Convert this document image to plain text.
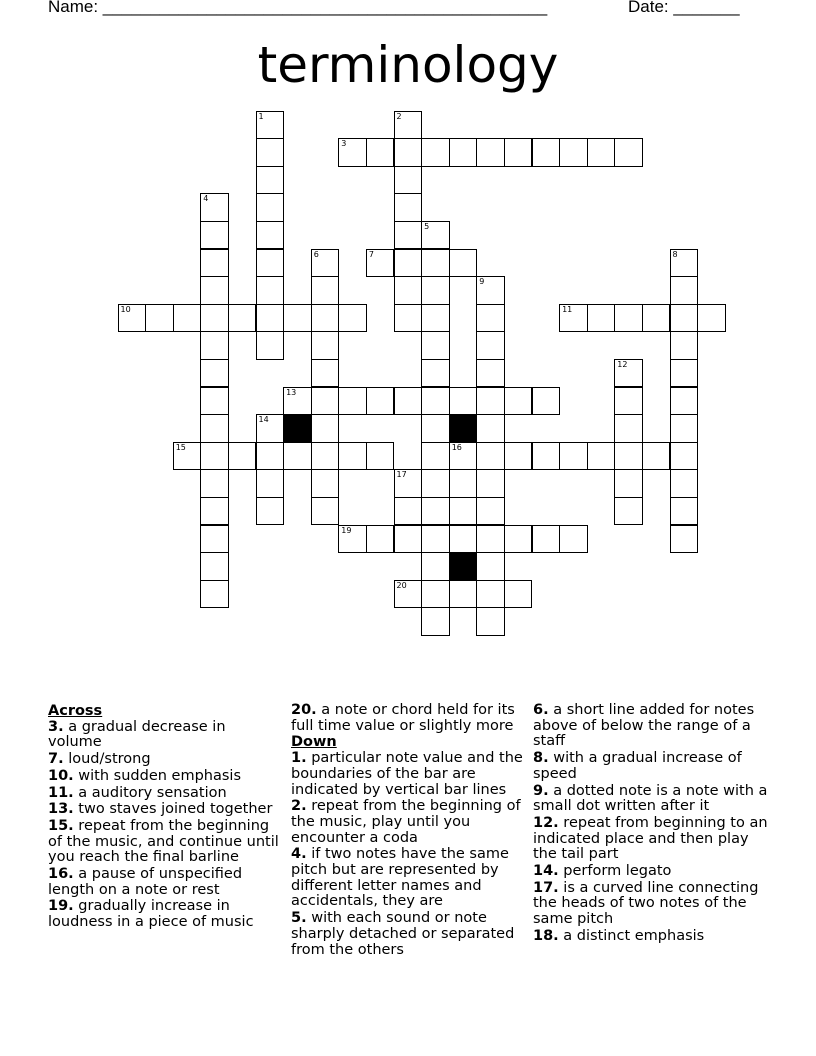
Name: _______________________________________________	Date: _______
terminology
1	2
3
4
5
6	7	8
9
10	11
12
13
14
15	16
17
19
20
Across
3. a gradual decrease in volume
7. loud/strong
10. with sudden emphasis
11. a auditory sensation
13. two staves joined together
15. repeat from the beginning of the music, and continue until you reach the final barline
16. a pause of unspecified length on a note or rest
19. gradually increase in loudness in a piece of music
20. a note or chord held for its full time value or slightly more
Down
1. particular note value and the boundaries of the bar are indicated by vertical bar lines
2. repeat from the beginning of the music, play until you encounter a coda
4. if two notes have the same pitch but are represented by different letter names and accidentals, they are
5. with each sound or note sharply detached or separated from the others
6. a short line added for notes above of below the range of a staff
8. with a gradual increase of speed
9. a dotted note is a note with a small dot written after it
12. repeat from beginning to an indicated place and then play the tail part
14. perform legato
17. is a curved line connecting the heads of two notes of the same pitch
18. a distinct emphasis
